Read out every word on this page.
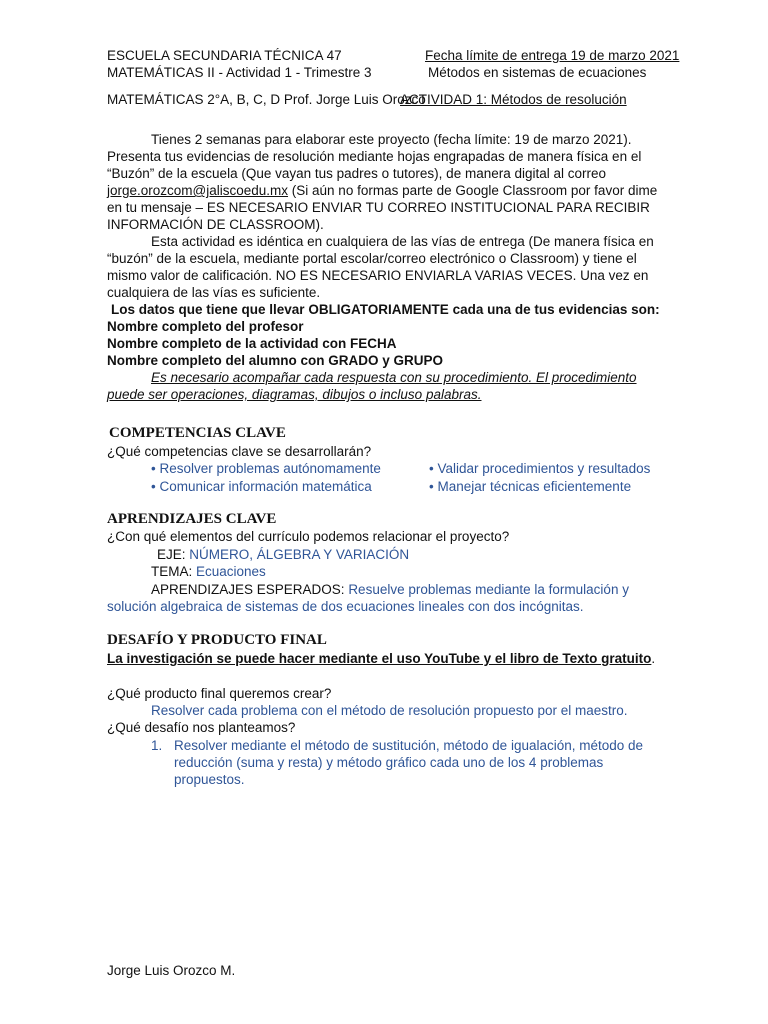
ESCUELA SECUNDARIA TÉCNICA 47	Fecha límite de entrega 19 de marzo 2021
MATEMÁTICAS II - Actividad 1 - Trimestre 3	Métodos en sistemas de ecuaciones
MATEMÁTICAS 2°A, B, C, D Prof. Jorge Luis Orozco
ACTIVIDAD 1: Métodos de resolución

Tienes 2 semanas para elaborar este proyecto (fecha límite: 19 de marzo 2021). Presenta tus evidencias de resolución mediante hojas engrapadas de manera física en el “Buzón” de la escuela (Que vayan tus padres o tutores), de manera digital al correo jorge.orozcom@jaliscoedu.mx (Si aún no formas parte de Google Classroom por favor dime en tu mensaje – ES NECESARIO ENVIAR TU CORREO INSTITUCIONAL PARA RECIBIR INFORMACIÓN DE CLASSROOM).

Esta actividad es idéntica en cualquiera de las vías de entrega (De manera física en “buzón” de la escuela, mediante portal escolar/correo electrónico o Classroom) y tiene el mismo valor de calificación. NO ES NECESARIO ENVIARLA VARIAS VECES. Una vez en cualquiera de las vías es suficiente.

Los datos que tiene que llevar OBLIGATORIAMENTE cada una de tus evidencias son:

Nombre completo del profesor

Nombre completo de la actividad con FECHA

Nombre completo del alumno con GRADO y GRUPO

Es necesario acompañar cada respuesta con su procedimiento. El procedimiento puede ser operaciones, diagramas, dibujos o incluso palabras.

COMPETENCIAS CLAVE
¿Qué competencias clave se desarrollarán?
• Resolver problemas autónomamente	• Validar procedimientos y resultados
• Comunicar información matemática	• Manejar técnicas eficientemente
APRENDIZAJES CLAVE
¿Con qué elementos del currículo podemos relacionar el proyecto?
EJE: NÚMERO, ÁLGEBRA Y VARIACIÓN
TEMA: Ecuaciones

APRENDIZAJES ESPERADOS: Resuelve problemas mediante la formulación y solución algebraica de sistemas de dos ecuaciones lineales con dos incógnitas.

DESAFÍO Y PRODUCTO FINAL
La investigación se puede hacer mediante el uso YouTube y el libro de Texto gratuito.
¿Qué producto final queremos crear?
Resolver cada problema con el método de resolución propuesto por el maestro.
¿Qué desafío nos planteamos?
1. Resolver mediante el método de sustitución, método de igualación, método de reducción (suma y resta) y método gráfico cada uno de los 4 problemas propuestos.
Jorge Luis Orozco M.
